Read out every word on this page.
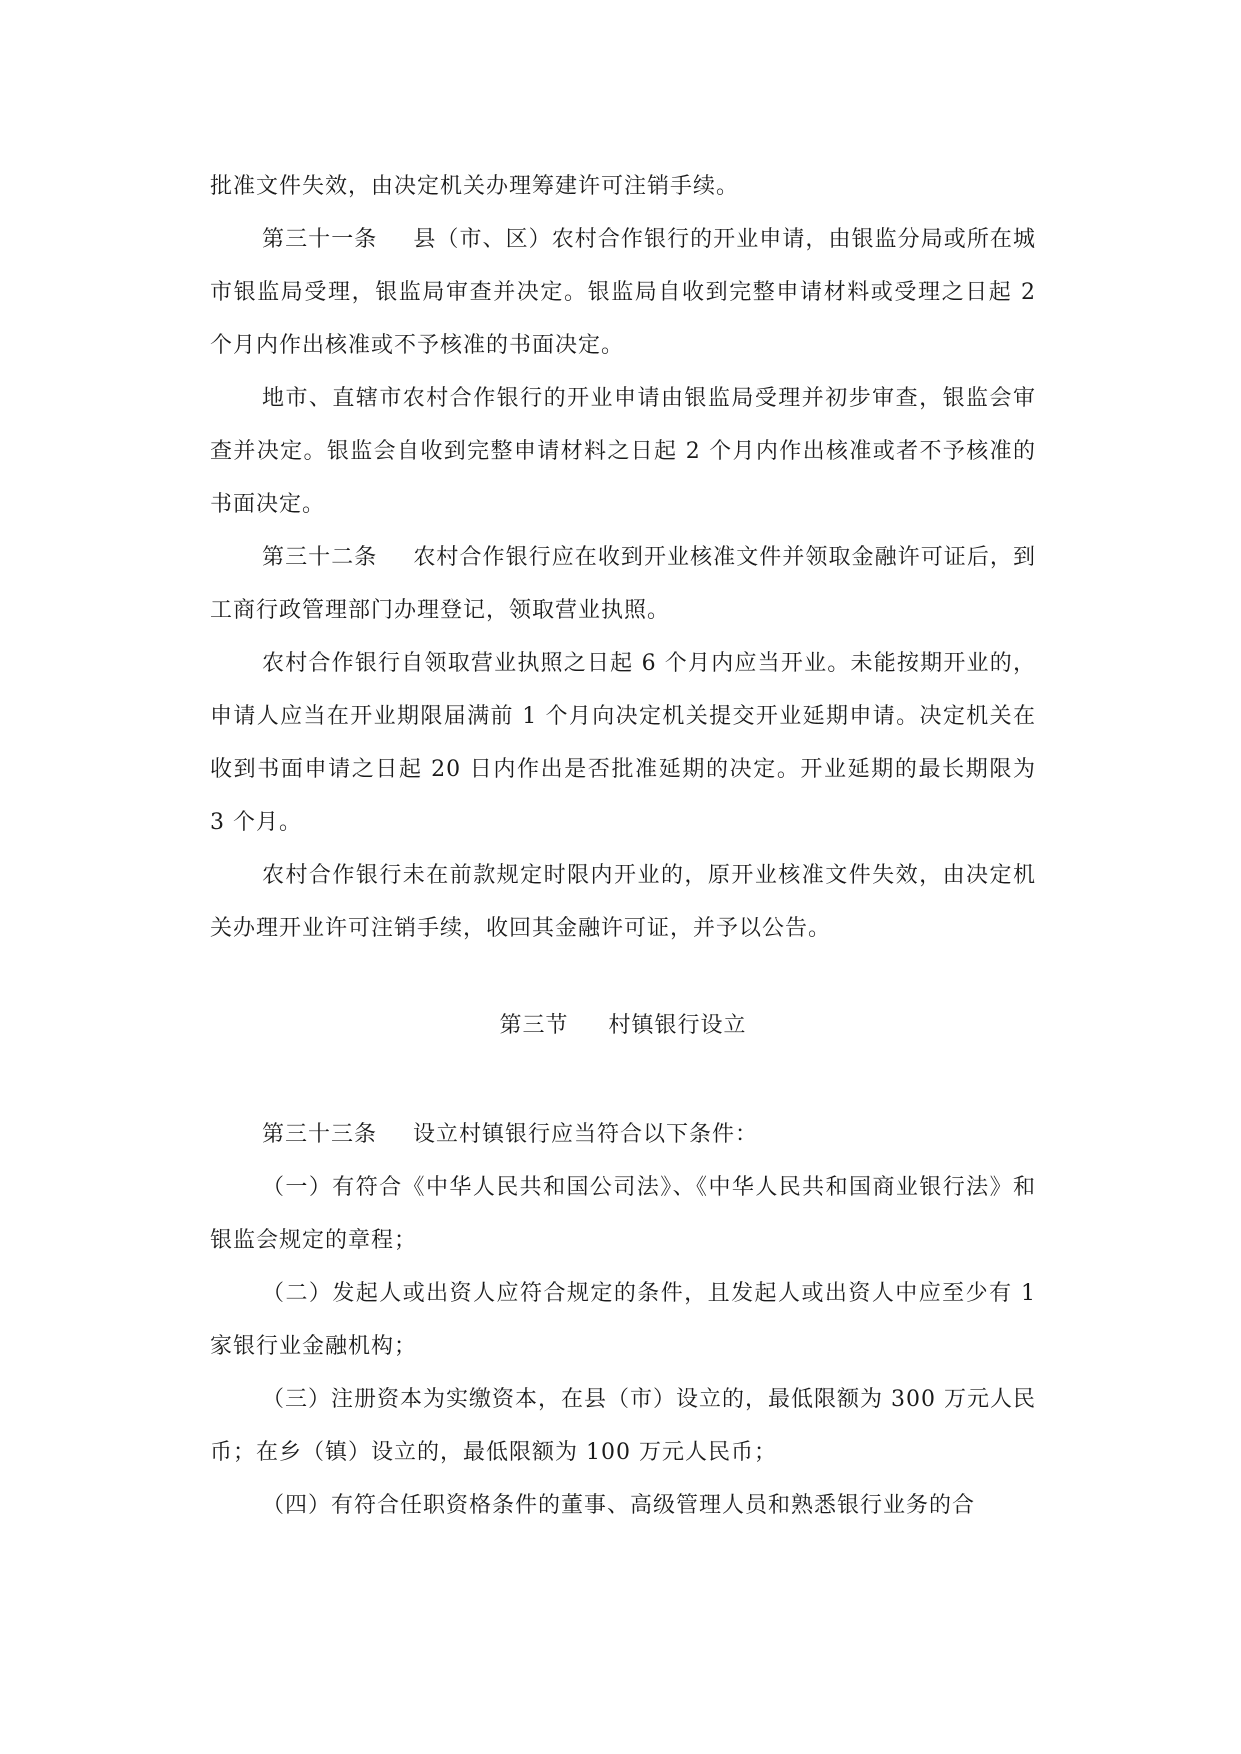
批准文件失效，由决定机关办理筹建许可注销手续。

第三十一条 县（市、区）农村合作银行的开业申请，由银监分局或所在城市银监局受理，银监局审查并决定。银监局自收到完整申请材料或受理之日起 2 个月内作出核准或不予核准的书面决定。

地市、直辖市农村合作银行的开业申请由银监局受理并初步审查，银监会审查并决定。银监会自收到完整申请材料之日起 2 个月内作出核准或者不予核准的书面决定。

第三十二条 农村合作银行应在收到开业核准文件并领取金融许可证后，到工商行政管理部门办理登记，领取营业执照。

农村合作银行自领取营业执照之日起 6 个月内应当开业。未能按期开业的，申请人应当在开业期限届满前 1 个月向决定机关提交开业延期申请。决定机关在收到书面申请之日起 20 日内作出是否批准延期的决定。开业延期的最长期限为 3 个月。

农村合作银行未在前款规定时限内开业的，原开业核准文件失效，由决定机关办理开业许可注销手续，收回其金融许可证，并予以公告。

第三节 村镇银行设立

第三十三条 设立村镇银行应当符合以下条件：

（一）有符合《中华人民共和国公司法》、《中华人民共和国商业银行法》和银监会规定的章程；

（二）发起人或出资人应符合规定的条件，且发起人或出资人中应至少有 1 家银行业金融机构；

（三）注册资本为实缴资本，在县（市）设立的，最低限额为 300 万元人民币；在乡（镇）设立的，最低限额为 100 万元人民币；

（四）有符合任职资格条件的董事、高级管理人员和熟悉银行业务的合
